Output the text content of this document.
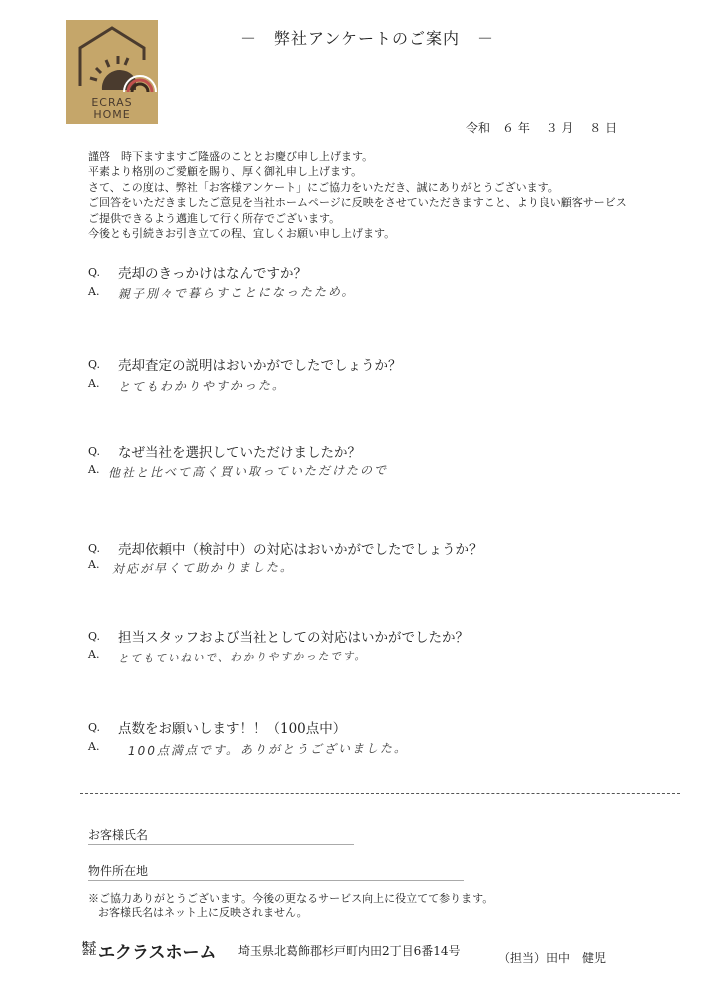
ECRAS
HOME
－　弊社アンケートのご案内　－
令和　６ 年　 ３ 月　 ８ 日
謹啓　時下ますますご隆盛のこととお慶び申し上げます。
平素より格別のご愛顧を賜り、厚く御礼申し上げます。
さて、この度は、弊社「お客様アンケート」にご協力をいただき、誠にありがとうございます。
ご回答をいただきましたご意見を当社ホームページに反映をさせていただきますこと、より良い顧客サービス
ご提供できるよう邁進して行く所存でございます。
今後とも引続きお引き立ての程、宜しくお願い申し上げます。
Q. 売却のきっかけはなんですか？
A. 親子別々で暮らすことになったため。
Q. 売却査定の説明はおいかがでしたでしょうか？
A. とてもわかりやすかった。
Q. なぜ当社を選択していただけましたか？
A. 他社と比べて高く買い取っていただけたので
Q. 売却依頼中（検討中）の対応はおいかがでしたでしょうか？
A. 対応が早くて助かりました。
Q. 担当スタッフおよび当社としての対応はいかがでしたか？
A. とてもていねいで、わかりやすかったです。
Q. 点数をお願いします！！（100点中）
A. 100点満点です。ありがとうございました。
お客様氏名
物件所在地
※ご協力ありがとうございます。今後の更なるサービス向上に役立てて参ります。
お客様氏名はネット上に反映されません。
株式会社 エクラスホーム 埼玉県北葛飾郡杉戸町内田2丁目6番14号	（担当）田中　健児
